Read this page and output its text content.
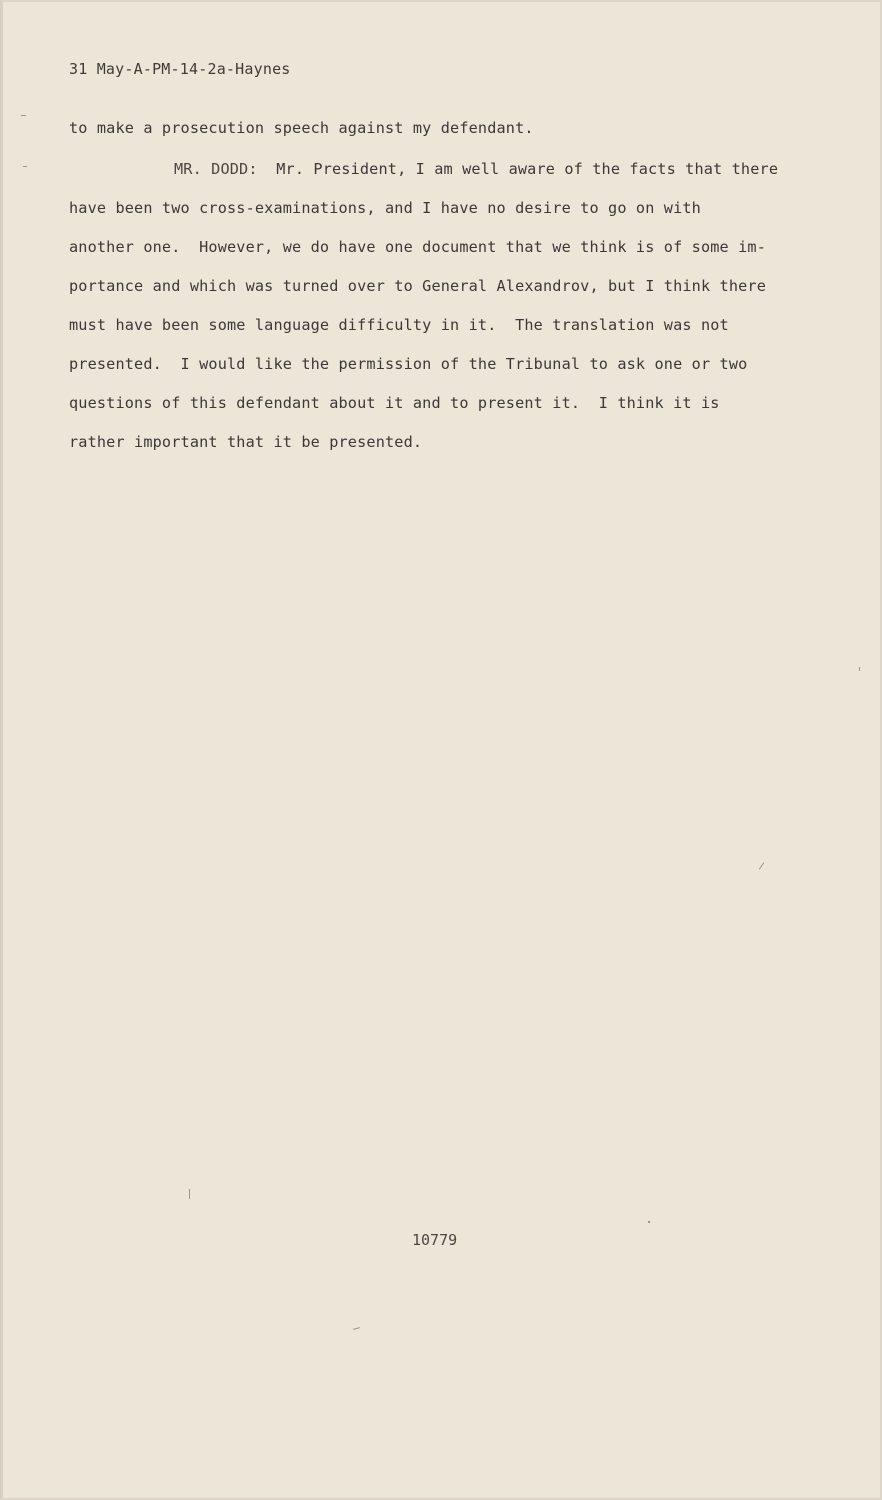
31 May-A-PM-14-2a-Haynes
to make a prosecution speech against my defendant.
MR. DODD: Mr. President, I am well aware of the facts that there
have been two cross-examinations, and I have no desire to go on with
another one.  However, we do have one document that we think is of some im-
portance and which was turned over to General Alexandrov, but I think there
must have been some language difficulty in it.  The translation was not
presented.  I would like the permission of the Tribunal to ask one or two
questions of this defendant about it and to present it.  I think it is
rather important that it be presented.
10779
